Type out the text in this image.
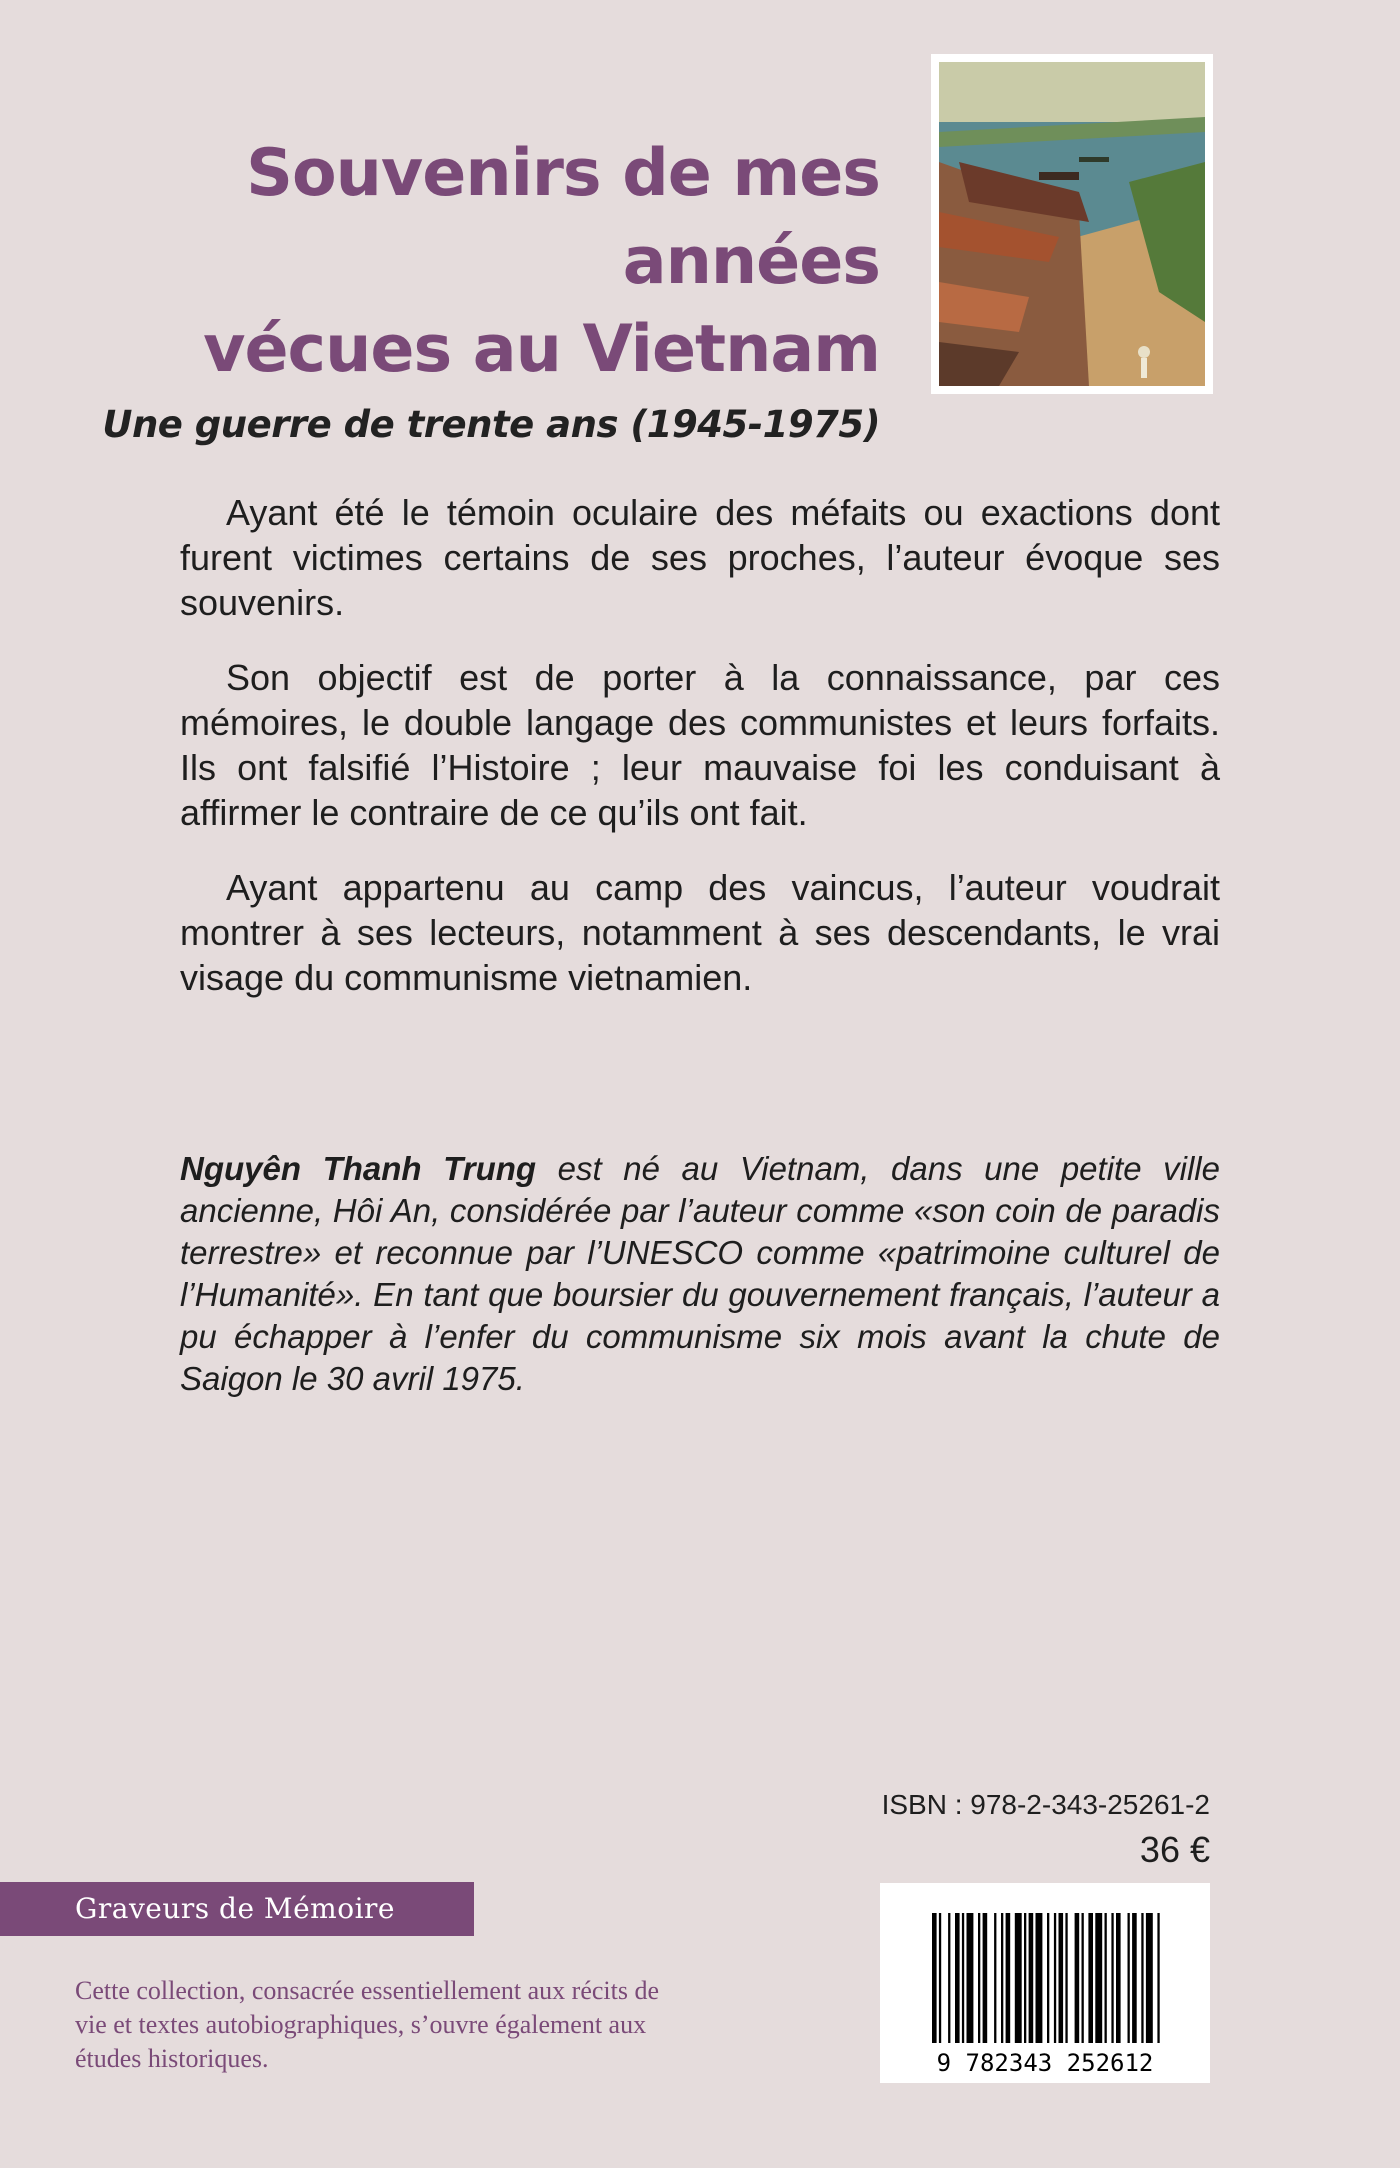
Souvenirs de mes années
vécues au Vietnam
Une guerre de trente ans (1945-1975)

Ayant été le témoin oculaire des méfaits ou exactions dont furent victimes certains de ses proches, l’auteur évoque ses souvenirs.

Son objectif est de porter à la connaissance, par ces mémoires, le double langage des communistes et leurs forfaits. Ils ont falsifié l’Histoire ; leur mauvaise foi les conduisant à affirmer le contraire de ce qu’ils ont fait.

Ayant appartenu au camp des vaincus, l’auteur voudrait montrer à ses lecteurs, notamment à ses descendants, le vrai visage du communisme vietnamien.

Nguyên Thanh Trung est né au Vietnam, dans une petite ville ancienne, Hôi An, considérée par l’auteur comme «son coin de paradis terrestre» et reconnue par l’UNESCO comme «patrimoine culturel de l’Humanité». En tant que boursier du gouvernement français, l’auteur a pu échapper à l’enfer du communisme six mois avant la chute de Saigon le 30 avril 1975.
ISBN : 978-2-343-25261-2
36 €
9 782343 252612
Graveurs de Mémoire
Cette collection, consacrée essentiellement aux récits de vie et textes autobiographiques, s’ouvre également aux études historiques.
